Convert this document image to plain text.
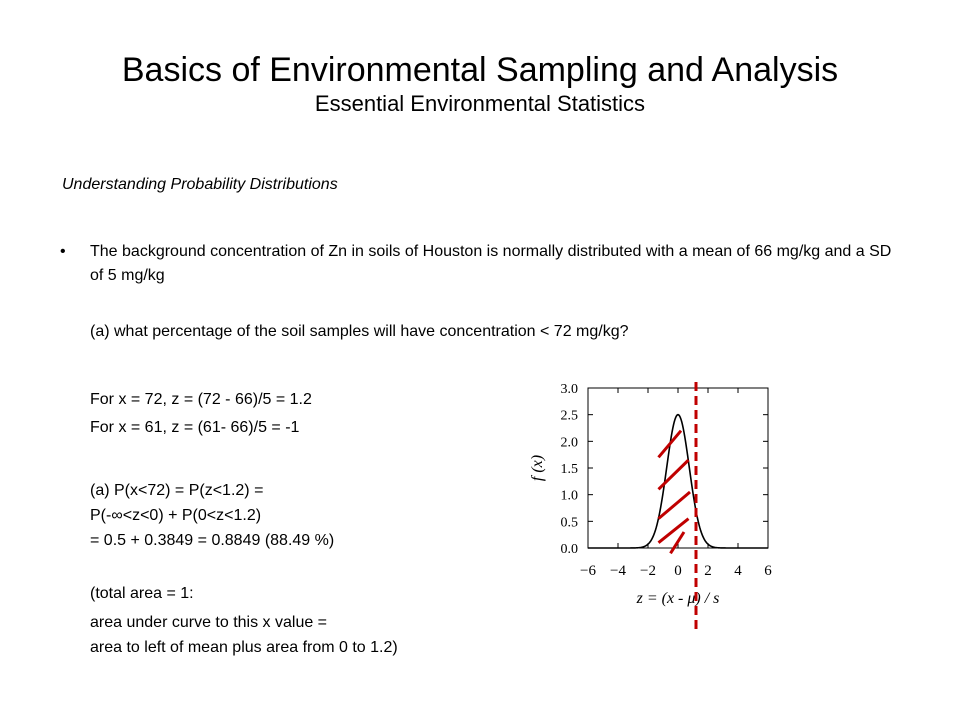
Basics of Environmental Sampling and Analysis
Essential Environmental Statistics
Understanding Probability Distributions
• The background concentration of Zn in soils of Houston is normally distributed with a mean of 66 mg/kg and a SD of 5 mg/kg
(a) what percentage of the soil samples will have concentration < 72 mg/kg?
For x = 72, z = (72 - 66)/5 = 1.2
For x = 61, z = (61- 66)/5 = -1
(a) P(x<72) = P(z<1.2) =
P(-∞<z<0) + P(0<z<1.2)
= 0.5 + 0.3849 = 0.8849 (88.49 %)
(total area = 1:
area under curve to this x value =
area to left of mean plus area from 0 to 1.2)
0.0
0.5
1.0
1.5
2.0
2.5
3.0
−6 −4 −2 0 2 4 6
z = (x - μ) / s
f (x)
